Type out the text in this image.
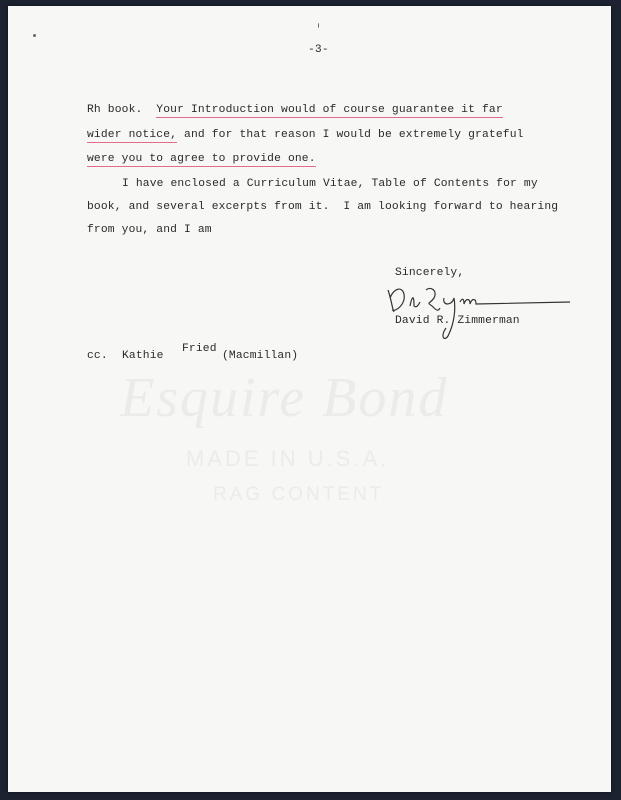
Esquire Bond
MADE IN U.S.A.
RAG CONTENT
-3-
Rh book.  Your Introduction would of course guarantee it far
wider notice, and for that reason I would be extremely grateful
were you to agree to provide one.
I have enclosed a Curriculum Vitae, Table of Contents for my
book, and several excerpts from it.  I am looking forward to hearing
from you, and I am
Sincerely,
David R. Zimmerman
cc. Kathie
Fried
(Macmillan)
